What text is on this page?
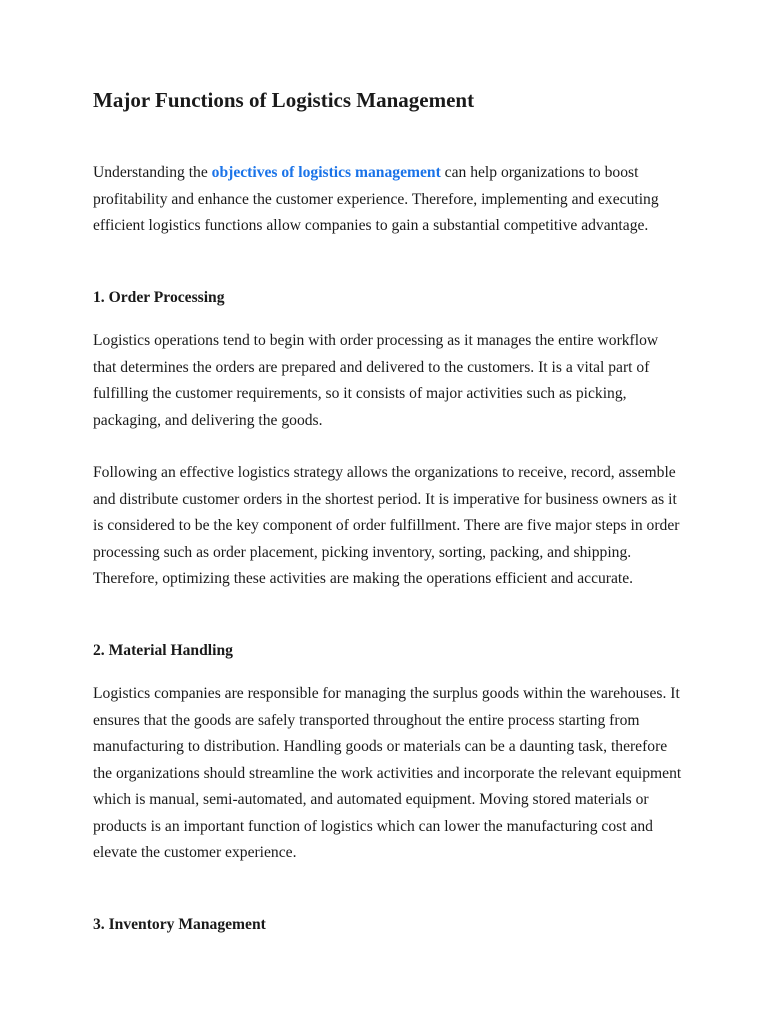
Major Functions of Logistics Management

Understanding the objectives of logistics management can help organizations to boost profitability and enhance the customer experience. Therefore, implementing and executing efficient logistics functions allow companies to gain a substantial competitive advantage.

1. Order Processing

Logistics operations tend to begin with order processing as it manages the entire workflow that determines the orders are prepared and delivered to the customers. It is a vital part of fulfilling the customer requirements, so it consists of major activities such as picking, packaging, and delivering the goods.

Following an effective logistics strategy allows the organizations to receive, record, assemble and distribute customer orders in the shortest period. It is imperative for business owners as it is considered to be the key component of order fulfillment. There are five major steps in order processing such as order placement, picking inventory, sorting, packing, and shipping. Therefore, optimizing these activities are making the operations efficient and accurate.

2. Material Handling

Logistics companies are responsible for managing the surplus goods within the warehouses. It ensures that the goods are safely transported throughout the entire process starting from manufacturing to distribution. Handling goods or materials can be a daunting task, therefore the organizations should streamline the work activities and incorporate the relevant equipment which is manual, semi-automated, and automated equipment. Moving stored materials or products is an important function of logistics which can lower the manufacturing cost and elevate the customer experience.

3. Inventory Management
